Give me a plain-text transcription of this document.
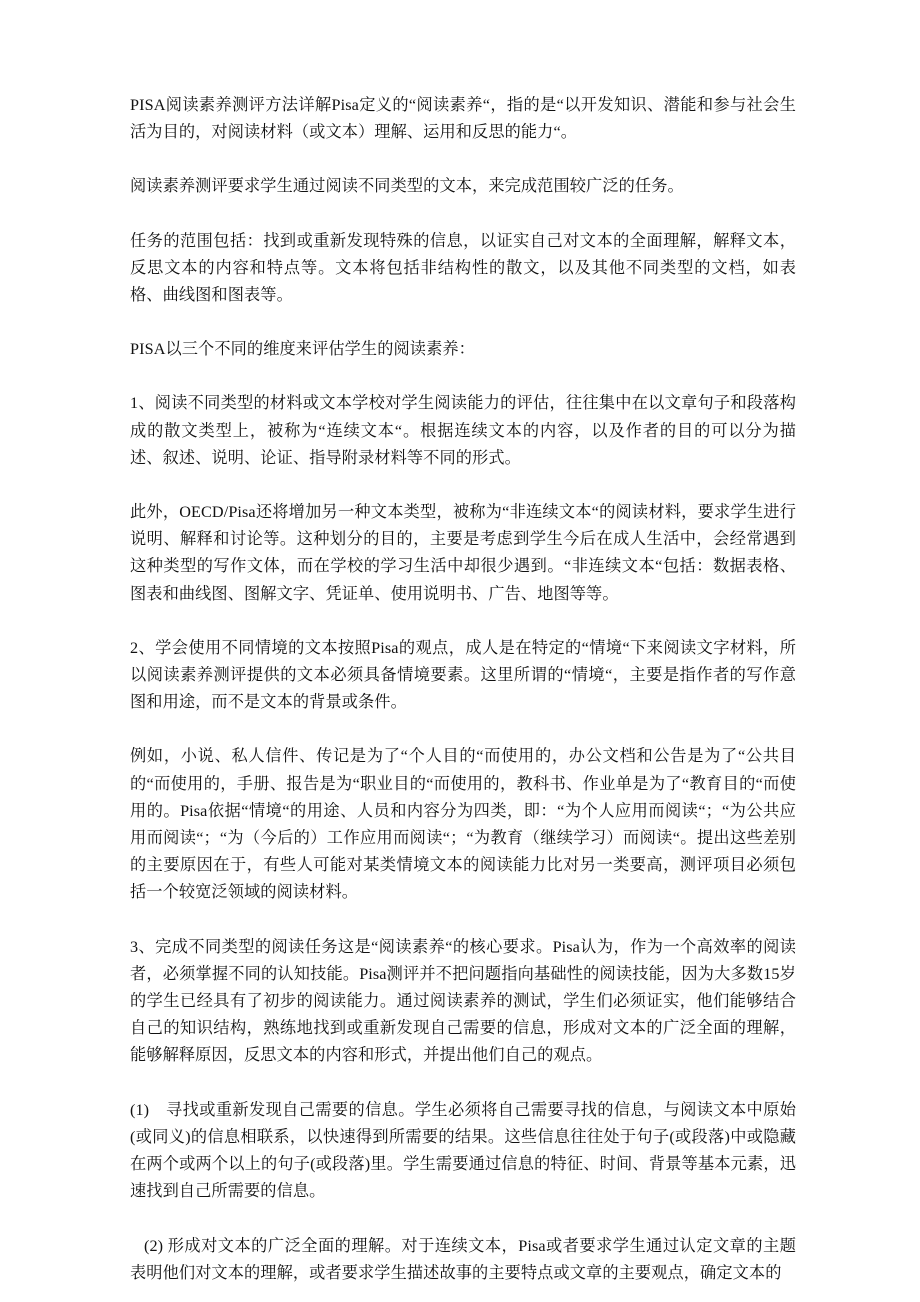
PISA阅读素养测评方法详解Pisa定义的“阅读素养“，指的是“以开发知识、潜能和参与社会生活为目的，对阅读材料（或文本）理解、运用和反思的能力“。

阅读素养测评要求学生通过阅读不同类型的文本，来完成范围较广泛的任务。

任务的范围包括：找到或重新发现特殊的信息，以证实自己对文本的全面理解，解释文本，反思文本的内容和特点等。文本将包括非结构性的散文，以及其他不同类型的文档，如表格、曲线图和图表等。

PISA以三个不同的维度来评估学生的阅读素养：

1、阅读不同类型的材料或文本学校对学生阅读能力的评估，往往集中在以文章句子和段落构成的散文类型上，被称为“连续文本“。根据连续文本的内容，以及作者的目的可以分为描述、叙述、说明、论证、指导附录材料等不同的形式。

此外，OECD/Pisa还将增加另一种文本类型，被称为“非连续文本“的阅读材料，要求学生进行说明、解释和讨论等。这种划分的目的，主要是考虑到学生今后在成人生活中，会经常遇到这种类型的写作文体，而在学校的学习生活中却很少遇到。“非连续文本“包括：数据表格、图表和曲线图、图解文字、凭证单、使用说明书、广告、地图等等。

2、学会使用不同情境的文本按照Pisa的观点，成人是在特定的“情境“下来阅读文字材料，所以阅读素养测评提供的文本必须具备情境要素。这里所谓的“情境“，主要是指作者的写作意图和用途，而不是文本的背景或条件。

例如，小说、私人信件、传记是为了“个人目的“而使用的，办公文档和公告是为了“公共目的“而使用的，手册、报告是为“职业目的“而使用的，教科书、作业单是为了“教育目的“而使用的。Pisa依据“情境“的用途、人员和内容分为四类，即：“为个人应用而阅读“；“为公共应用而阅读“；“为（今后的）工作应用而阅读“；“为教育（继续学习）而阅读“。提出这些差别的主要原因在于，有些人可能对某类情境文本的阅读能力比对另一类要高，测评项目必须包括一个较宽泛领域的阅读材料。

3、完成不同类型的阅读任务这是“阅读素养“的核心要求。Pisa认为，作为一个高效率的阅读者，必须掌握不同的认知技能。Pisa测评并不把问题指向基础性的阅读技能，因为大多数15岁的学生已经具有了初步的阅读能力。通过阅读素养的测试，学生们必须证实，他们能够结合自己的知识结构，熟练地找到或重新发现自己需要的信息，形成对文本的广泛全面的理解，能够解释原因，反思文本的内容和形式，并提出他们自己的观点。

(1)　寻找或重新发现自己需要的信息。学生必须将自己需要寻找的信息，与阅读文本中原始(或同义)的信息相联系，以快速得到所需要的结果。这些信息往往处于句子(或段落)中或隐藏在两个或两个以上的句子(或段落)里。学生需要通过信息的特征、时间、背景等基本元素，迅速找到自己所需要的信息。

(2) 形成对文本的广泛全面的理解。对于连续文本，Pisa或者要求学生通过认定文章的主题表明他们对文本的理解，或者要求学生描述故事的主要特点或文章的主要观点，确定文本的
